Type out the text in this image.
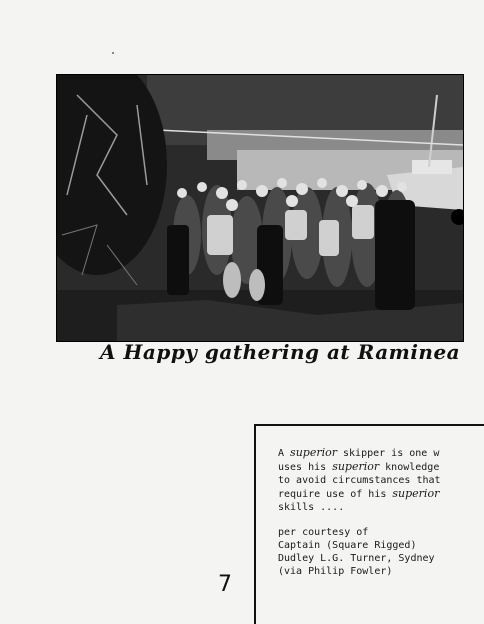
A Happy gathering at Raminea

A superior skipper is one w
uses his superior knowledge
to avoid circumstances that
require use of his superior
skills ....

per courtesy of
Captain (Square Rigged)
Dudley L.G. Turner, Sydney
(via Philip Fowler)

7
